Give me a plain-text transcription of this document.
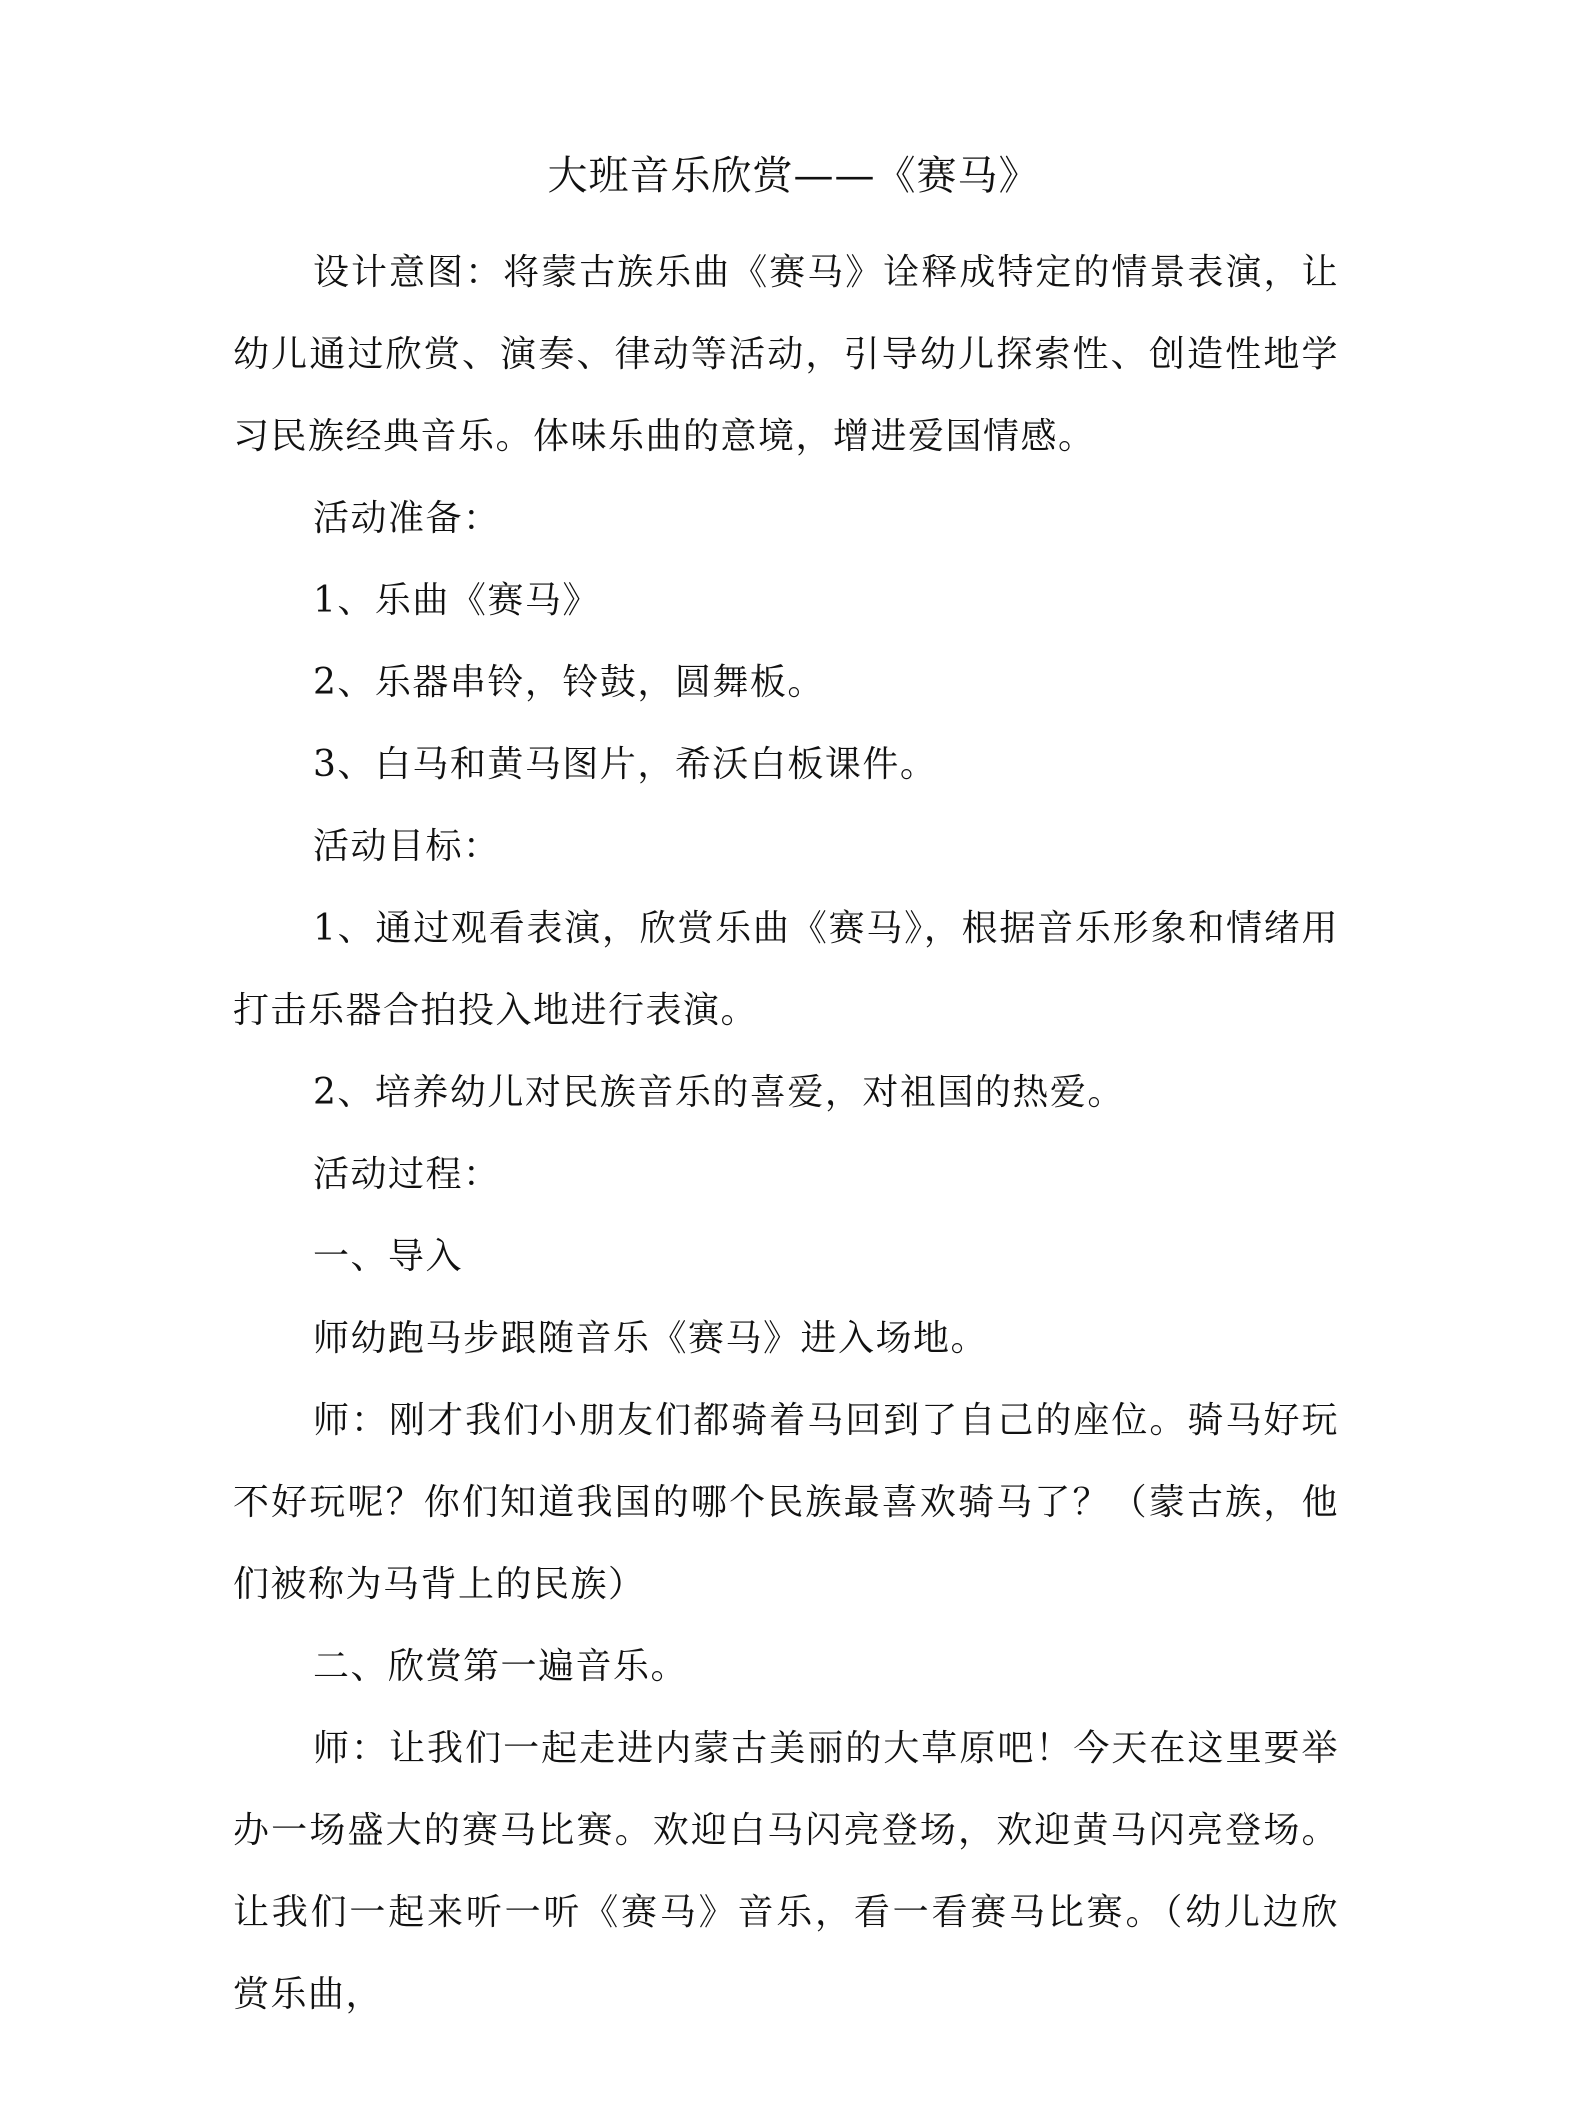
大班音乐欣赏——《赛马》

设计意图：将蒙古族乐曲《赛马》诠释成特定的情景表演，让幼儿通过欣赏、演奏、律动等活动，引导幼儿探索性、创造性地学习民族经典音乐。体味乐曲的意境，增进爱国情感。

活动准备：

1、乐曲《赛马》

2、乐器串铃，铃鼓，圆舞板。

3、白马和黄马图片，希沃白板课件。

活动目标：

1、通过观看表演，欣赏乐曲《赛马》，根据音乐形象和情绪用打击乐器合拍投入地进行表演。

2、培养幼儿对民族音乐的喜爱，对祖国的热爱。

活动过程：

一、导入

师幼跑马步跟随音乐《赛马》进入场地。

师：刚才我们小朋友们都骑着马回到了自己的座位。骑马好玩不好玩呢？你们知道我国的哪个民族最喜欢骑马了？（蒙古族，他们被称为马背上的民族）

二、欣赏第一遍音乐。

师：让我们一起走进内蒙古美丽的大草原吧！今天在这里要举办一场盛大的赛马比赛。欢迎白马闪亮登场，欢迎黄马闪亮登场。让我们一起来听一听《赛马》音乐，看一看赛马比赛。（幼儿边欣赏乐曲，
